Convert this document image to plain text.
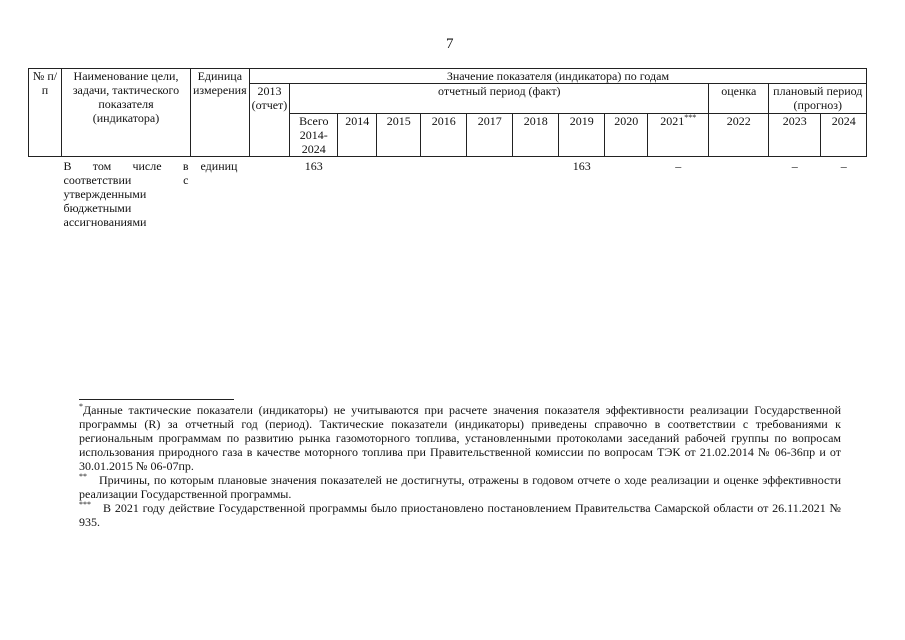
7
№ п/п	Наименование цели, задачи, тактического показателя (индикатора)	Единица измерения	Значение показателя (индикатора) по годам												
			2013 (отчет)	отчетный период (факт)									оценка	плановый период (прогноз)	
				Всего 2014-2024	2014	2015	2016	2017	2018	2019	2020	2021***	2022	2023	2024
	В том числе в соответствии с утвержденными бюджетными ассигнованиями	единиц		163						163		–		–	–

*Данные тактические показатели (индикаторы) не учитываются при расчете значения показателя эффективности реализации Государственной программы (R) за отчетный год (период). Тактические показатели (индикаторы) приведены справочно в соответствии с требованиями к региональным программам по развитию рынка газомоторного топлива, установленными протоколами заседаний рабочей группы по вопросам использования природного газа в качестве моторного топлива при Правительственной комиссии по вопросам ТЭК от 21.02.2014 № 06-36пр и от 30.01.2015 № 06-07пр.

** Причины, по которым плановые значения показателей не достигнуты, отражены в годовом отчете о ходе реализации и оценке эффективности реализации Государственной программы.

*** В 2021 году действие Государственной программы было приостановлено постановлением Правительства Самарской области от 26.11.2021 № 935.
